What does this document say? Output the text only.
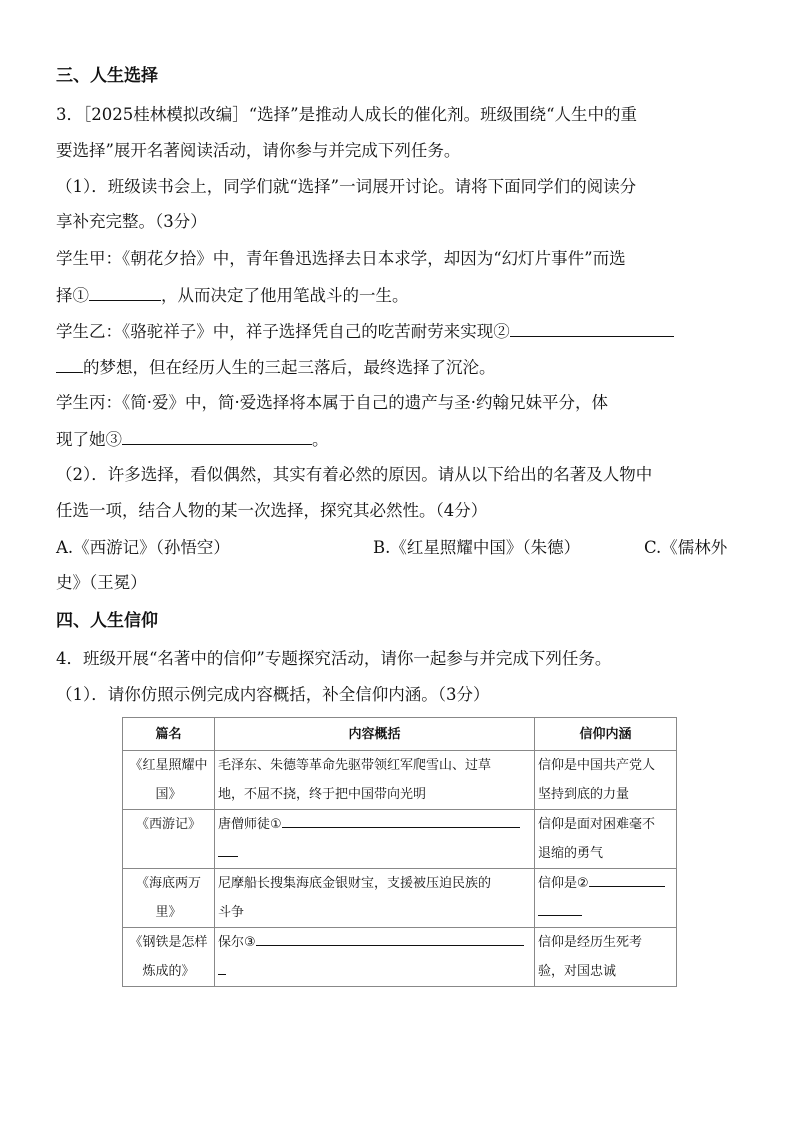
三、人生选择
3．［2025桂林模拟改编］“选择”是推动人成长的催化剂。班级围绕“人生中的重
要选择”展开名著阅读活动，请你参与并完成下列任务。
（1）．班级读书会上，同学们就“选择”一词展开讨论。请将下面同学们的阅读分
享补充完整。（3分）
学生甲：《朝花夕拾》中，青年鲁迅选择去日本求学，却因为“幻灯片事件”而选
择①	，从而决定了他用笔战斗的一生。
学生乙：《骆驼祥子》中，祥子选择凭自己的吃苦耐劳来实现②
的梦想，但在经历人生的三起三落后，最终选择了沉沦。
学生丙：《简·爱》中，简·爱选择将本属于自己的遗产与圣·约翰兄妹平分，体
现了她③	。
（2）．许多选择，看似偶然，其实有着必然的原因。请从以下给出的名著及人物中
任选一项，结合人物的某一次选择，探究其必然性。（4分）
A.《西游记》（孙悟空）	B.《红星照耀中国》（朱德）	C.《儒林外
史》（王冕）
四、人生信仰
4．班级开展“名著中的信仰”专题探究活动，请你一起参与并完成下列任务。
（1）．请你仿照示例完成内容概括，补全信仰内涵。（3分）
篇名	内容概括	信仰内涵
《红星照耀中
国》	毛泽东、朱德等革命先驱带领红军爬雪山、过草
地，不屈不挠，终于把中国带向光明	信仰是中国共产党人
坚持到底的力量
《西游记》	唐僧师徒①	信仰是面对困难毫不
退缩的勇气
《海底两万
里》	尼摩船长搜集海底金银财宝，支援被压迫民族的
斗争	信仰是②

《钢铁是怎样
炼成的》	保尔③	信仰是经历生死考
验，对国忠诚
